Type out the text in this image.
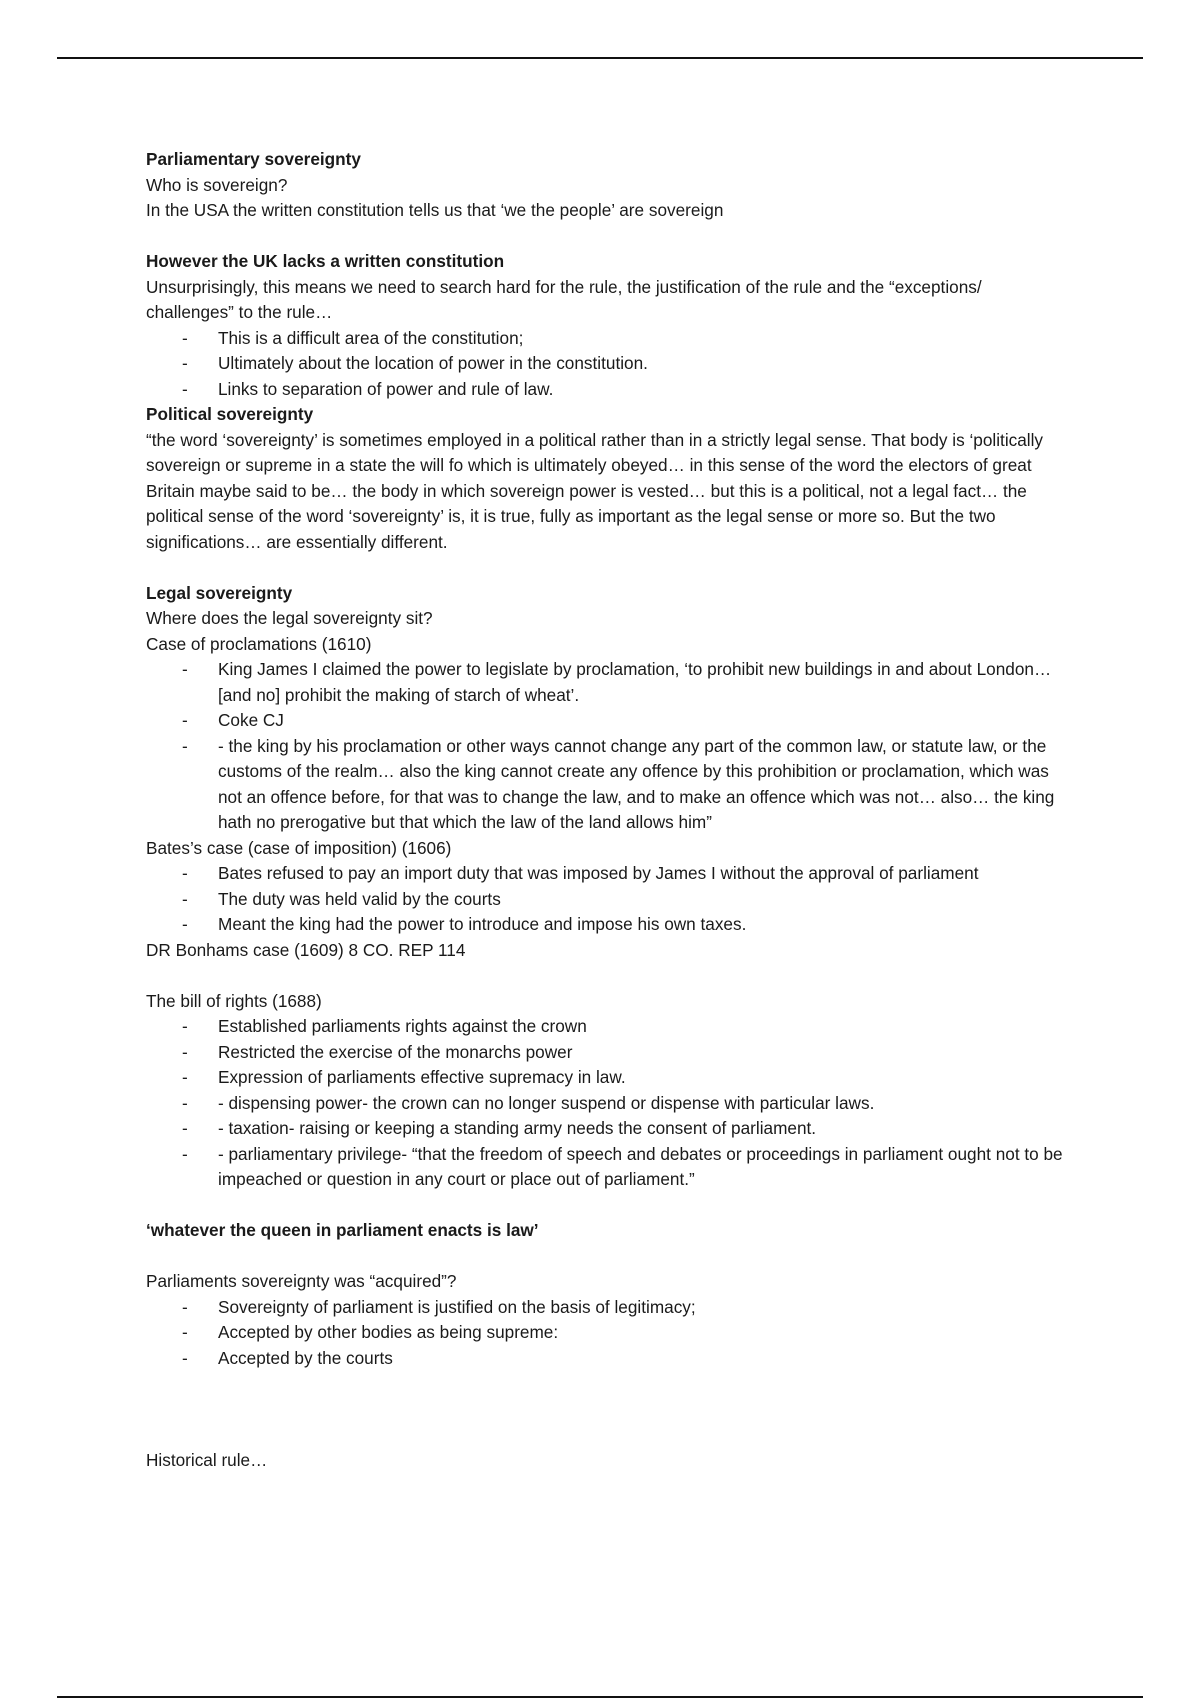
Parliamentary sovereignty

Who is sovereign?

In the USA the written constitution tells us that ‘we the people’ are sovereign

However the UK lacks a written constitution

Unsurprisingly, this means we need to search hard for the rule, the justification of the rule and the “exceptions/ challenges” to the rule…

- This is a difficult area of the constitution;
- Ultimately about the location of power in the constitution.
- Links to separation of power and rule of law.

Political sovereignty

“the word ‘sovereignty’ is sometimes employed in a political rather than in a strictly legal sense. That body is ‘politically sovereign or supreme in a state the will fo which is ultimately obeyed… in this sense of the word the electors of great Britain maybe said to be… the body in which sovereign power is vested… but this is a political, not a legal fact… the political sense of the word ‘sovereignty’ is, it is true, fully as important as the legal sense or more so. But the two significations… are essentially different.

Legal sovereignty

Where does the legal sovereignty sit?

Case of proclamations (1610)

- King James I claimed the power to legislate by proclamation, ‘to prohibit new buildings in and about London… [and no] prohibit the making of starch of wheat’.
- Coke CJ
- - the king by his proclamation or other ways cannot change any part of the common law, or statute law, or the customs of the realm… also the king cannot create any offence by this prohibition or proclamation, which was not an offence before, for that was to change the law, and to make an offence which was not… also… the king hath no prerogative but that which the law of the land allows him”

Bates’s case (case of imposition) (1606)

- Bates refused to pay an import duty that was imposed by James I without the approval of parliament
- The duty was held valid by the courts
- Meant the king had the power to introduce and impose his own taxes.

DR Bonhams case (1609) 8 CO. REP 114

The bill of rights (1688)

- Established parliaments rights against the crown
- Restricted the exercise of the monarchs power
- Expression of parliaments effective supremacy in law.
- - dispensing power- the crown can no longer suspend or dispense with particular laws.
- - taxation- raising or keeping a standing army needs the consent of parliament.
- - parliamentary privilege- “that the freedom of speech and debates or proceedings in parliament ought not to be impeached or question in any court or place out of parliament.”

‘whatever the queen in parliament enacts is law’

Parliaments sovereignty was “acquired”?

- Sovereignty of parliament is justified on the basis of legitimacy;
- Accepted by other bodies as being supreme:
- Accepted by the courts

Historical rule…
